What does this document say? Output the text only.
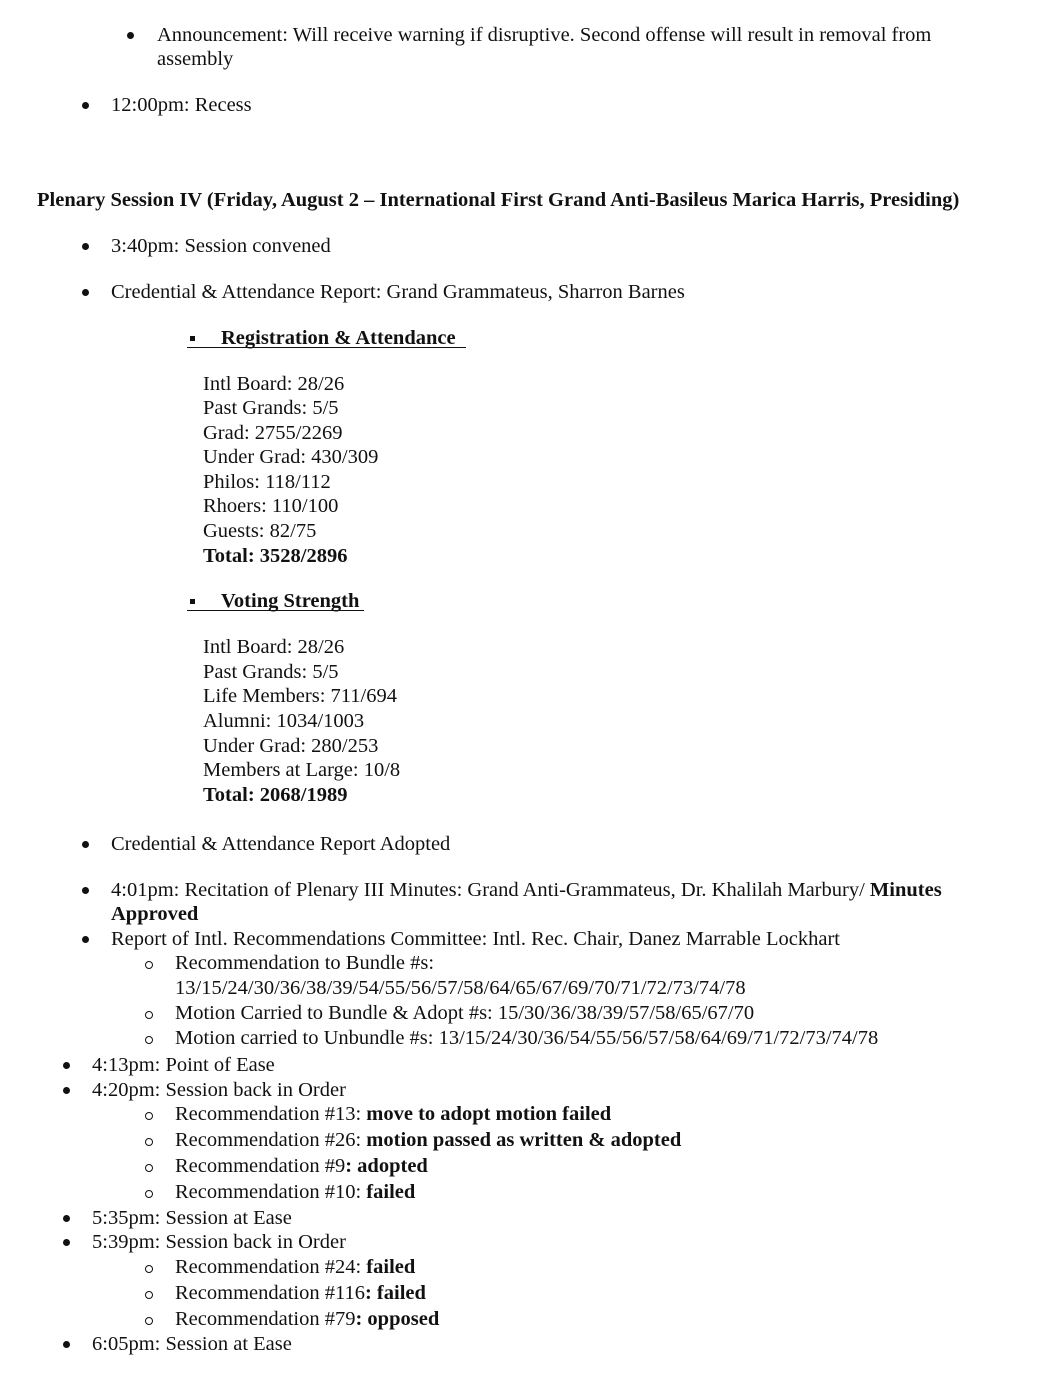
Announcement: Will receive warning if disruptive. Second offense will result in removal from
assembly
12:00pm: Recess
Plenary Session IV (Friday, August 2 – International First Grand Anti-Basileus Marica Harris, Presiding)
3:40pm: Session convened
Credential & Attendance Report: Grand Grammateus, Sharron Barnes
Registration & Attendance
Intl Board: 28/26
Past Grands: 5/5
Grad: 2755/2269
Under Grad: 430/309
Philos: 118/112
Rhoers: 110/100
Guests: 82/75
Total: 3528/2896
Voting Strength
Intl Board: 28/26
Past Grands: 5/5
Life Members: 711/694
Alumni: 1034/1003
Under Grad: 280/253
Members at Large: 10/8
Total: 2068/1989
Credential & Attendance Report Adopted
4:01pm: Recitation of Plenary III Minutes: Grand Anti-Grammateus, Dr. Khalilah Marbury/ Minutes
Approved
Report of Intl. Recommendations Committee: Intl. Rec. Chair, Danez Marrable Lockhart
Recommendation to Bundle #s:
13/15/24/30/36/38/39/54/55/56/57/58/64/65/67/69/70/71/72/73/74/78
Motion Carried to Bundle & Adopt #s: 15/30/36/38/39/57/58/65/67/70
Motion carried to Unbundle #s: 13/15/24/30/36/54/55/56/57/58/64/69/71/72/73/74/78
4:13pm: Point of Ease
4:20pm: Session back in Order
Recommendation #13: move to adopt motion failed
Recommendation #26: motion passed as written & adopted
Recommendation #9: adopted
Recommendation #10: failed
5:35pm: Session at Ease
5:39pm: Session back in Order
Recommendation #24: failed
Recommendation #116: failed
Recommendation #79: opposed
6:05pm: Session at Ease
